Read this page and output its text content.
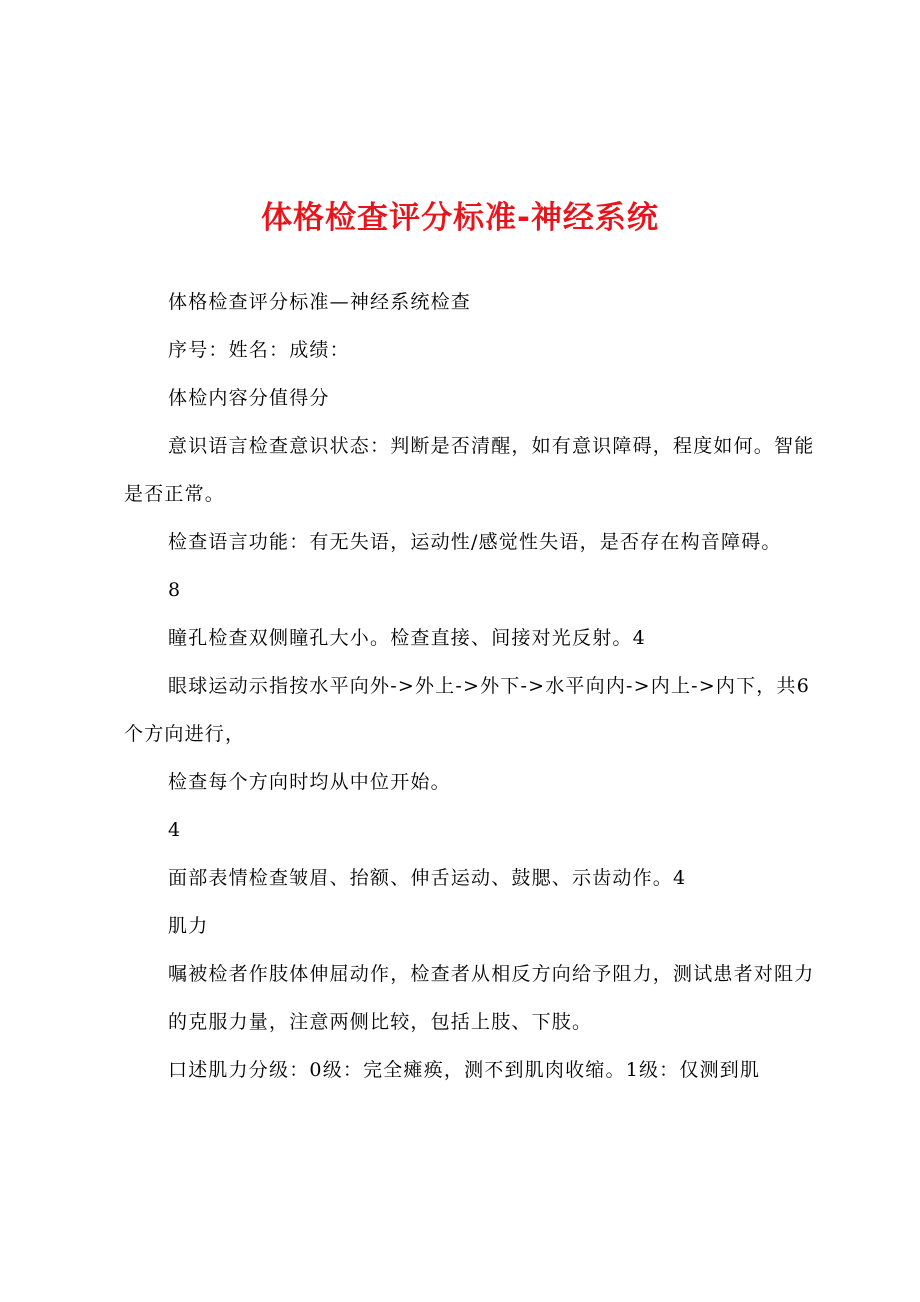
体格检查评分标准-神经系统

体格检查评分标准—神经系统检查

序号：姓名：成绩：

体检内容分值得分

意识语言检查意识状态：判断是否清醒，如有意识障碍，程度如何。智能是否正常。

检查语言功能：有无失语，运动性/感觉性失语，是否存在构音障碍。

8

瞳孔检查双侧瞳孔大小。检查直接、间接对光反射。4

眼球运动示指按水平向外->外上->外下->水平向内->内上->内下，共6个方向进行，

检查每个方向时均从中位开始。

4

面部表情检查皱眉、抬额、伸舌运动、鼓腮、示齿动作。4

肌力

嘱被检者作肢体伸屈动作，检查者从相反方向给予阻力，测试患者对阻力

的克服力量，注意两侧比较，包括上肢、下肢。

口述肌力分级：0级：完全瘫痪，测不到肌肉收缩。1级：仅测到肌
